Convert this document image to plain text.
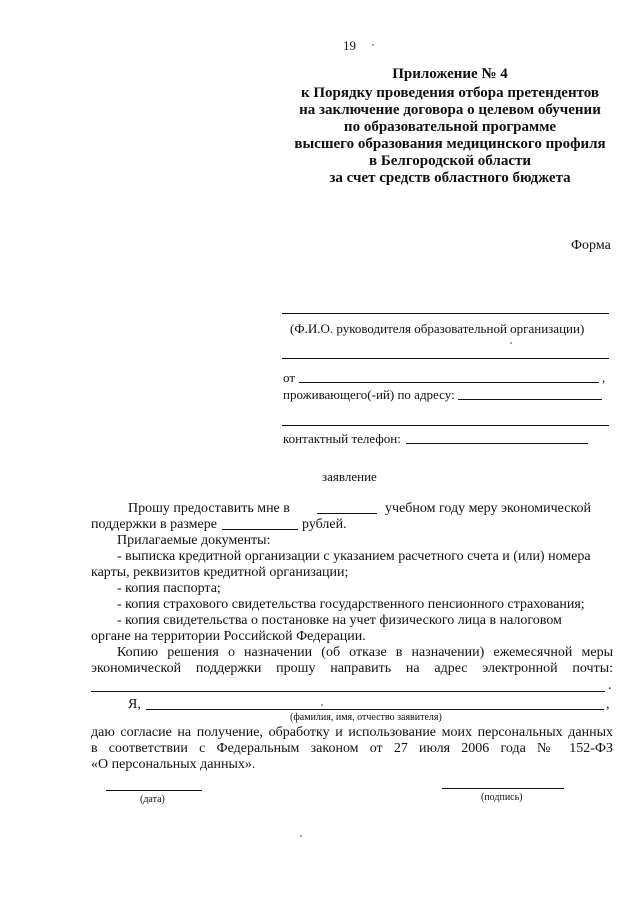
19
Приложение № 4
к Порядку проведения отбора претендентов
на заключение договора о целевом обучении
по образовательной программе
высшего образования медицинского профиля
в Белгородской области
за счет средств областного бюджета
Форма
(Ф.И.О. руководителя образовательной организации)
от	,
проживающего(-ий) по адресу:
контактный телефон:
заявление
Прошу предоставить мне в	учебном году меру экономической
поддержки в размере	рублей.
Прилагаемые документы:
- выписка кредитной организации с указанием расчетного счета и (или) номера
карты, реквизитов кредитной организации;
- копия паспорта;
- копия страхового свидетельства государственного пенсионного страхования;
- копия свидетельства о постановке на учет физического лица в налоговом
органе на территории Российской Федерации.
Копию решения о назначении (об отказе в назначении) ежемесячной меры
экономической поддержки прошу направить на адрес электронной почты:
.
Я,	,
(фамилия, имя, отчество заявителя)
даю согласие на получение, обработку и использование моих персональных данных
в соответствии с Федеральным законом от 27 июля 2006 года № 152-ФЗ
«О персональных данных».
(дата)	(подпись)
